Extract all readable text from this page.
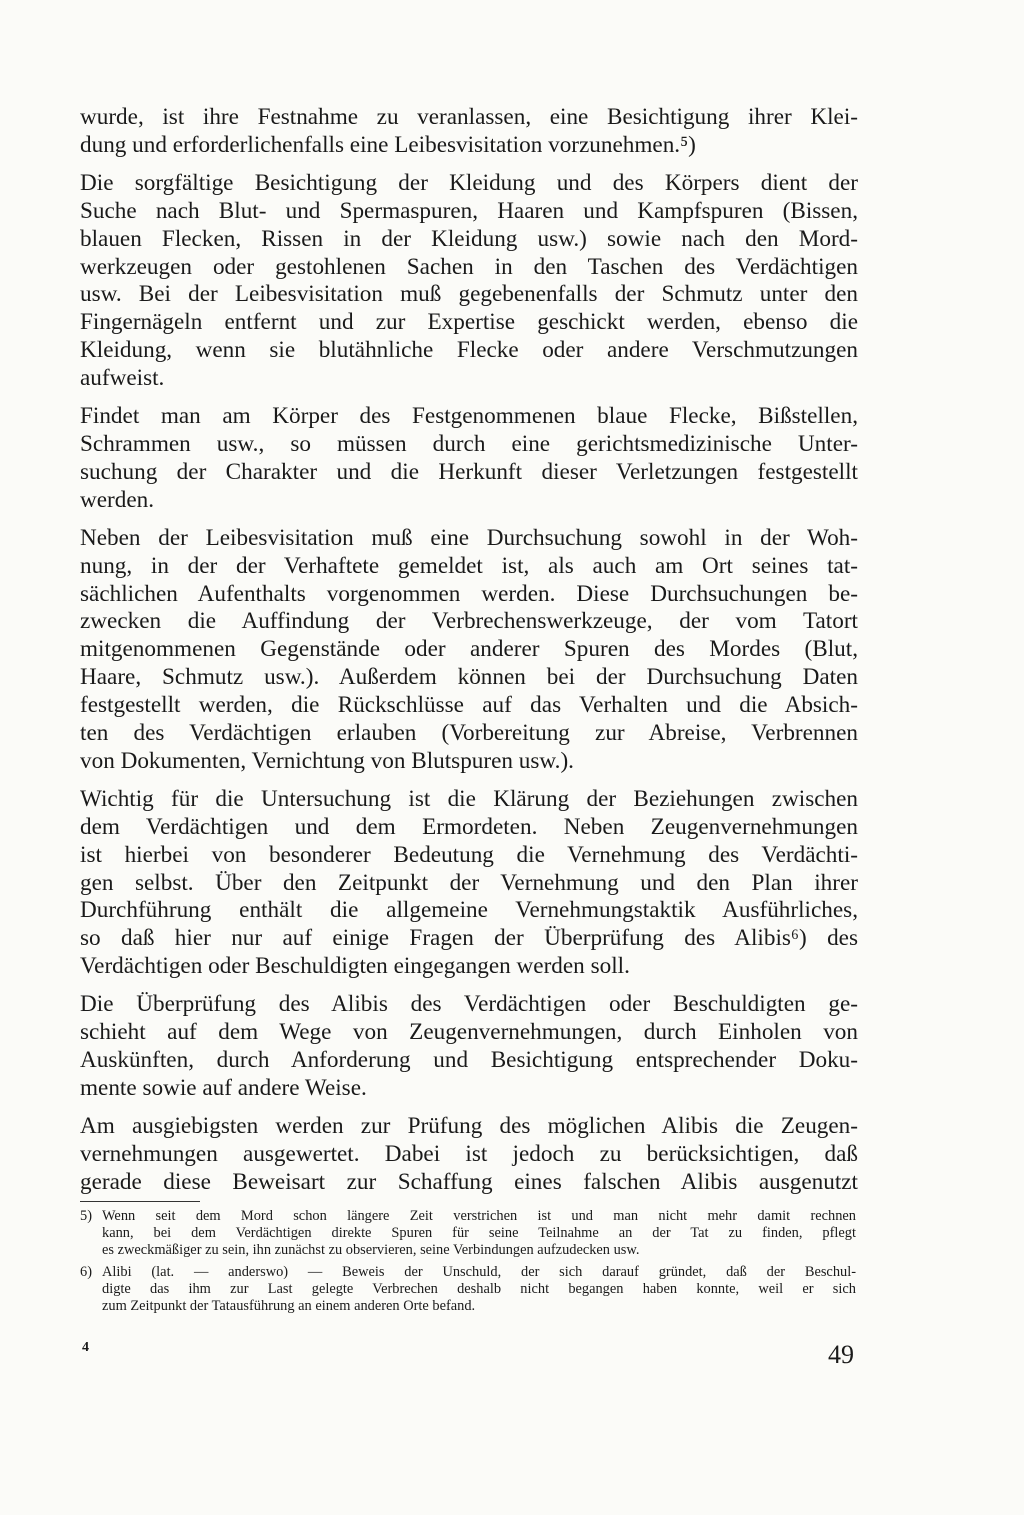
wurde, ist ihre Festnahme zu veranlassen, eine Besichtigung ihrer Klei-
dung und erforderlichenfalls eine Leibesvisitation vorzunehmen.⁵)

Die sorgfältige Besichtigung der Kleidung und des Körpers dient der
Suche nach Blut- und Spermaspuren, Haaren und Kampfspuren (Bissen,
blauen Flecken, Rissen in der Kleidung usw.) sowie nach den Mord-
werkzeugen oder gestohlenen Sachen in den Taschen des Verdächtigen
usw. Bei der Leibesvisitation muß gegebenenfalls der Schmutz unter den
Fingernägeln entfernt und zur Expertise geschickt werden, ebenso die
Kleidung, wenn sie blutähnliche Flecke oder andere Verschmutzungen
aufweist.

Findet man am Körper des Festgenommenen blaue Flecke, Bißstellen,
Schrammen usw., so müssen durch eine gerichtsmedizinische Unter-
suchung der Charakter und die Herkunft dieser Verletzungen festgestellt
werden.

Neben der Leibesvisitation muß eine Durchsuchung sowohl in der Woh-
nung, in der der Verhaftete gemeldet ist, als auch am Ort seines tat-
sächlichen Aufenthalts vorgenommen werden. Diese Durchsuchungen be-
zwecken die Auffindung der Verbrechenswerkzeuge, der vom Tatort
mitgenommenen Gegenstände oder anderer Spuren des Mordes (Blut,
Haare, Schmutz usw.). Außerdem können bei der Durchsuchung Daten
festgestellt werden, die Rückschlüsse auf das Verhalten und die Absich-
ten des Verdächtigen erlauben (Vorbereitung zur Abreise, Verbrennen
von Dokumenten, Vernichtung von Blutspuren usw.).

Wichtig für die Untersuchung ist die Klärung der Beziehungen zwischen
dem Verdächtigen und dem Ermordeten. Neben Zeugenvernehmungen
ist hierbei von besonderer Bedeutung die Vernehmung des Verdächti-
gen selbst. Über den Zeitpunkt der Vernehmung und den Plan ihrer
Durchführung enthält die allgemeine Vernehmungstaktik Ausführliches,
so daß hier nur auf einige Fragen der Überprüfung des Alibis⁶) des
Verdächtigen oder Beschuldigten eingegangen werden soll.

Die Überprüfung des Alibis des Verdächtigen oder Beschuldigten ge-
schieht auf dem Wege von Zeugenvernehmungen, durch Einholen von
Auskünften, durch Anforderung und Besichtigung entsprechender Doku-
mente sowie auf andere Weise.

Am ausgiebigsten werden zur Prüfung des möglichen Alibis die Zeugen-
vernehmungen ausgewertet. Dabei ist jedoch zu berücksichtigen, daß
gerade diese Beweisart zur Schaffung eines falschen Alibis ausgenutzt

5) Wenn seit dem Mord schon längere Zeit verstrichen ist und man nicht mehr damit rechnen
kann, bei dem Verdächtigen direkte Spuren für seine Teilnahme an der Tat zu finden, pflegt
es zweckmäßiger zu sein, ihn zunächst zu observieren, seine Verbindungen aufzudecken usw.
6) Alibi (lat. — anderswo) — Beweis der Unschuld, der sich darauf gründet, daß der Beschul-
digte das ihm zur Last gelegte Verbrechen deshalb nicht begangen haben konnte, weil er sich
zum Zeitpunkt der Tatausführung an einem anderen Orte befand.
4	49
